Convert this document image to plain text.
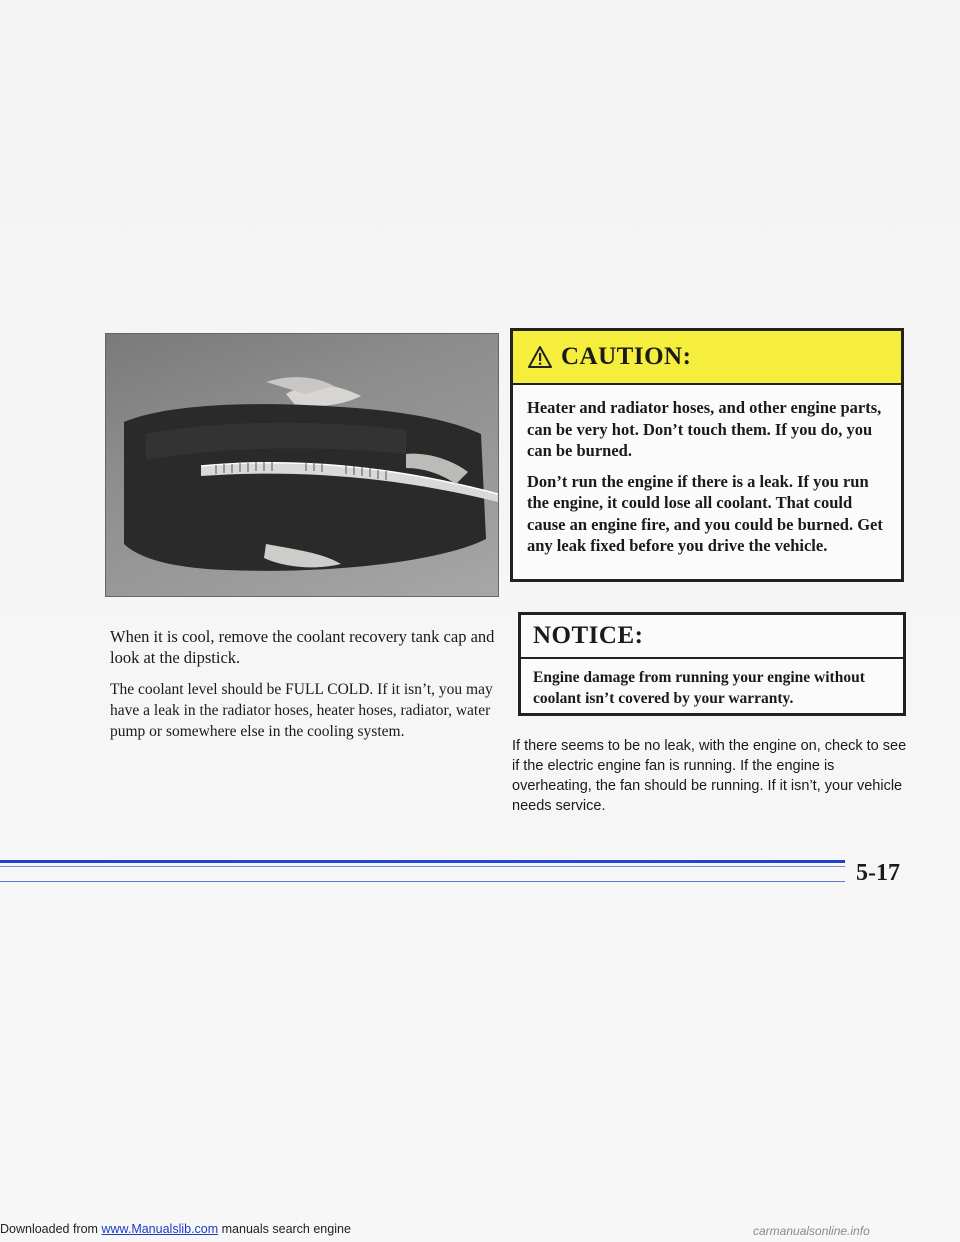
When it is cool, remove the coolant recovery tank cap and look at the dipstick.

The coolant level should be FULL COLD. If it isn’t, you may have a leak in the radiator hoses, heater hoses, radiator, water pump or somewhere else in the cooling system.

CAUTION:

Heater and radiator hoses, and other engine parts, can be very hot. Don’t touch them. If you do, you can be burned.

Don’t run the engine if there is a leak. If you run the engine, it could lose all coolant. That could cause an engine fire, and you could be burned. Get any leak fixed before you drive the vehicle.

NOTICE:

Engine damage from running your engine without coolant isn’t covered by your warranty.

If there seems to be no leak, with the engine on, check to see if the electric engine fan is running. If the engine is overheating, the fan should be running. If it isn’t, your vehicle needs service.

5-17
Downloaded from www.Manualslib.com manuals search engine	carmanualsonline.info
